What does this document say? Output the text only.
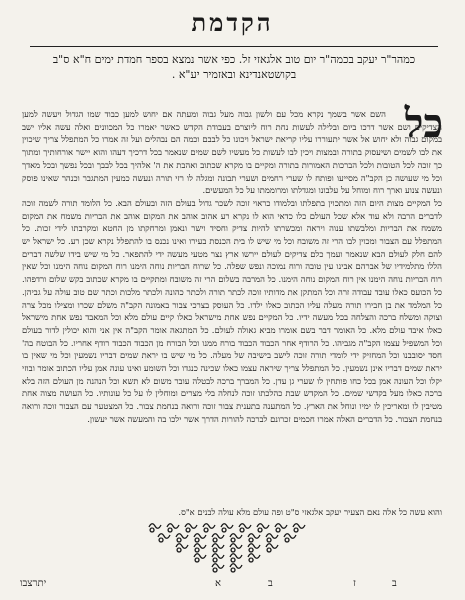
הקדמת
כמהר"ר יעקב בכמה"ר יום טוב אלגאזי זל. כפי אשר נמצא בספר חמדת ימים ח"א ס"ב
בקושטאנדינא ובאזמיר יע"א .
כל

השם אשר בשמך נקרא מכל עם ולשון גבוה מעל גבוה ומעתה אם יחוש למען כבוד שמו הגדול ויעשה למען הצדיקים ושם אשר דרכו ביום ובלילה לעשות נחת רוח ליוצרם בעבודת הקדש כאשר יאמרו כל המכוונים ואלה עשה אליו ישב במקום גבוה ולא יחוש אל אשר יתעוררו עליו קריאת ישראל ויכונו כל לבבם וכמה הם נבהלים ועל זה אמרו כל המתפלל צריך שיכוין את לבו לשמים ושיעסוק בתורה ובמצות ויכין לבו לעשות כל מעשיו לשם שמים שנאמר בכל דרכיך דעהו והוא יישר אורחותיך ומתוך כך זוכה לכל הטובות ולכל הברכות האמורות בתורה ומקיים בו מקרא שכתוב ואהבת את ה' אלהיך בכל לבבך ובכל נפשך ובכל מאדך וכל מי שעושה כן הקב"ה מסייעו ופותח לו שערי רחמים ושערי תבונה ומגלה לו רזי תורה ונעשה כמעין המתגבר וכנהר שאינו פוסק ונעשה צנוע וארך רוח ומוחל על עלבונו ומגדלתו ומרוממתו על כל המעשים.

כל המקיים מצות היום הזה ומתכוין בתפלתו ובלמודו כראוי זוכה לשכר גדול בעולם הזה ובעולם הבא. כל הלומד תורה לשמה זוכה לדברים הרבה ולא עוד אלא שכל העולם כלו כדאי הוא לו נקרא רע אהוב אוהב את המקום אוהב את הבריות משמח את המקום משמח את הבריות ומלבשתו ענוה ויראה ומכשרתו להיות צדיק וחסיד וישר ונאמן ומרחקתו מן החטא ומקרבתו לידי זכות. כל המתפלל עם הצבור ומכוין לבו הרי זה משובח וכל מי שיש לו בית הכנסת בעירו ואינו נכנס בו להתפלל נקרא שכן רע. כל ישראל יש להם חלק לעולם הבא שנאמר ועמך כלם צדיקים לעולם יירשו ארץ נצר מטעי מעשה ידי להתפאר. כל מי שיש בידו שלשה דברים הללו מתלמידיו של אברהם אבינו עין טובה ורוח נמוכה ונפש שפלה. כל שרוח הבריות נוחה הימנו רוח המקום נוחה הימנו וכל שאין רוח הבריות נוחה הימנו אין רוח המקום נוחה הימנו. כל המרבה בשלום הרי זה משובח ומתקיים בו מקרא שכתוב בקש שלום ורדפהו. כל הכועס כאלו עובד עבודה זרה וכל המתקן את מדותיו זוכה לכתר תורה ולכתר כהונה ולכתר מלכות וכתר שם טוב עולה על גביהן. כל המלמד את בן חבירו תורה מעלה עליו הכתוב כאלו ילדו. כל העוסק בצרכי צבור באמונה הקב"ה משלם שכרו ומצילו מכל צרה וצוקה ומשלח ברכה והצלחה בכל מעשה ידיו. כל המקיים נפש אחת מישראל כאלו קיים עולם מלא וכל המאבד נפש אחת מישראל כאלו איבד עולם מלא. כל האומר דבר בשם אומרו מביא גאולה לעולם. כל המתגאה אומר הקב"ה אין אני והוא יכולין לדור בעולם וכל המשפיל עצמו הקב"ה מגביהו. כל הרודף אחר הכבוד הכבוד בורח ממנו וכל הבורח מן הכבוד הכבוד רודף אחריו. כל הבוטח בה' חסד יסובבנו וכל המחזיק ידי לומדי תורה זוכה לישב בישיבה של מעלה. כל מי שיש בו יראת שמים דבריו נשמעין וכל מי שאין בו יראת שמים דבריו אינן נשמעין. כל המתפלל צריך שיראה עצמו כאלו שכינה כנגדו וכל השומע ואינו עונה אמן עליו הכתוב אומר ובוזי יקלו וכל העונה אמן בכל כחו פותחין לו שערי גן עדן. כל המברך ברכה לבטלה עובר משום לא תשא וכל הנהנה מן העולם הזה בלא ברכה כאלו מעל בקדשי שמים. כל המקדש שבת כהלכתו זוכה לנחלה בלי מצרים ומוחלין לו על כל עונותיו. כל העושה מצוה אחת מטיבין לו ומאריכין לו ימיו ונוחל את הארץ. כל המתענה בתענית צבור זוכה ורואה בנחמת צבור. כל המצטער עם הצבור זוכה ורואה בנחמת הצבור. כל הדברים האלה אמרו חכמים זכרונם לברכה להורות הדרך אשר ילכו בה והמעשה אשר יעשון.

והוא עשה כל אלה נאם הצעיר יעקב אלגאזי ס"ט ופה עולם מלא עולה לבנים א"ס.
יתרצבו	א	ב	ז	ב
